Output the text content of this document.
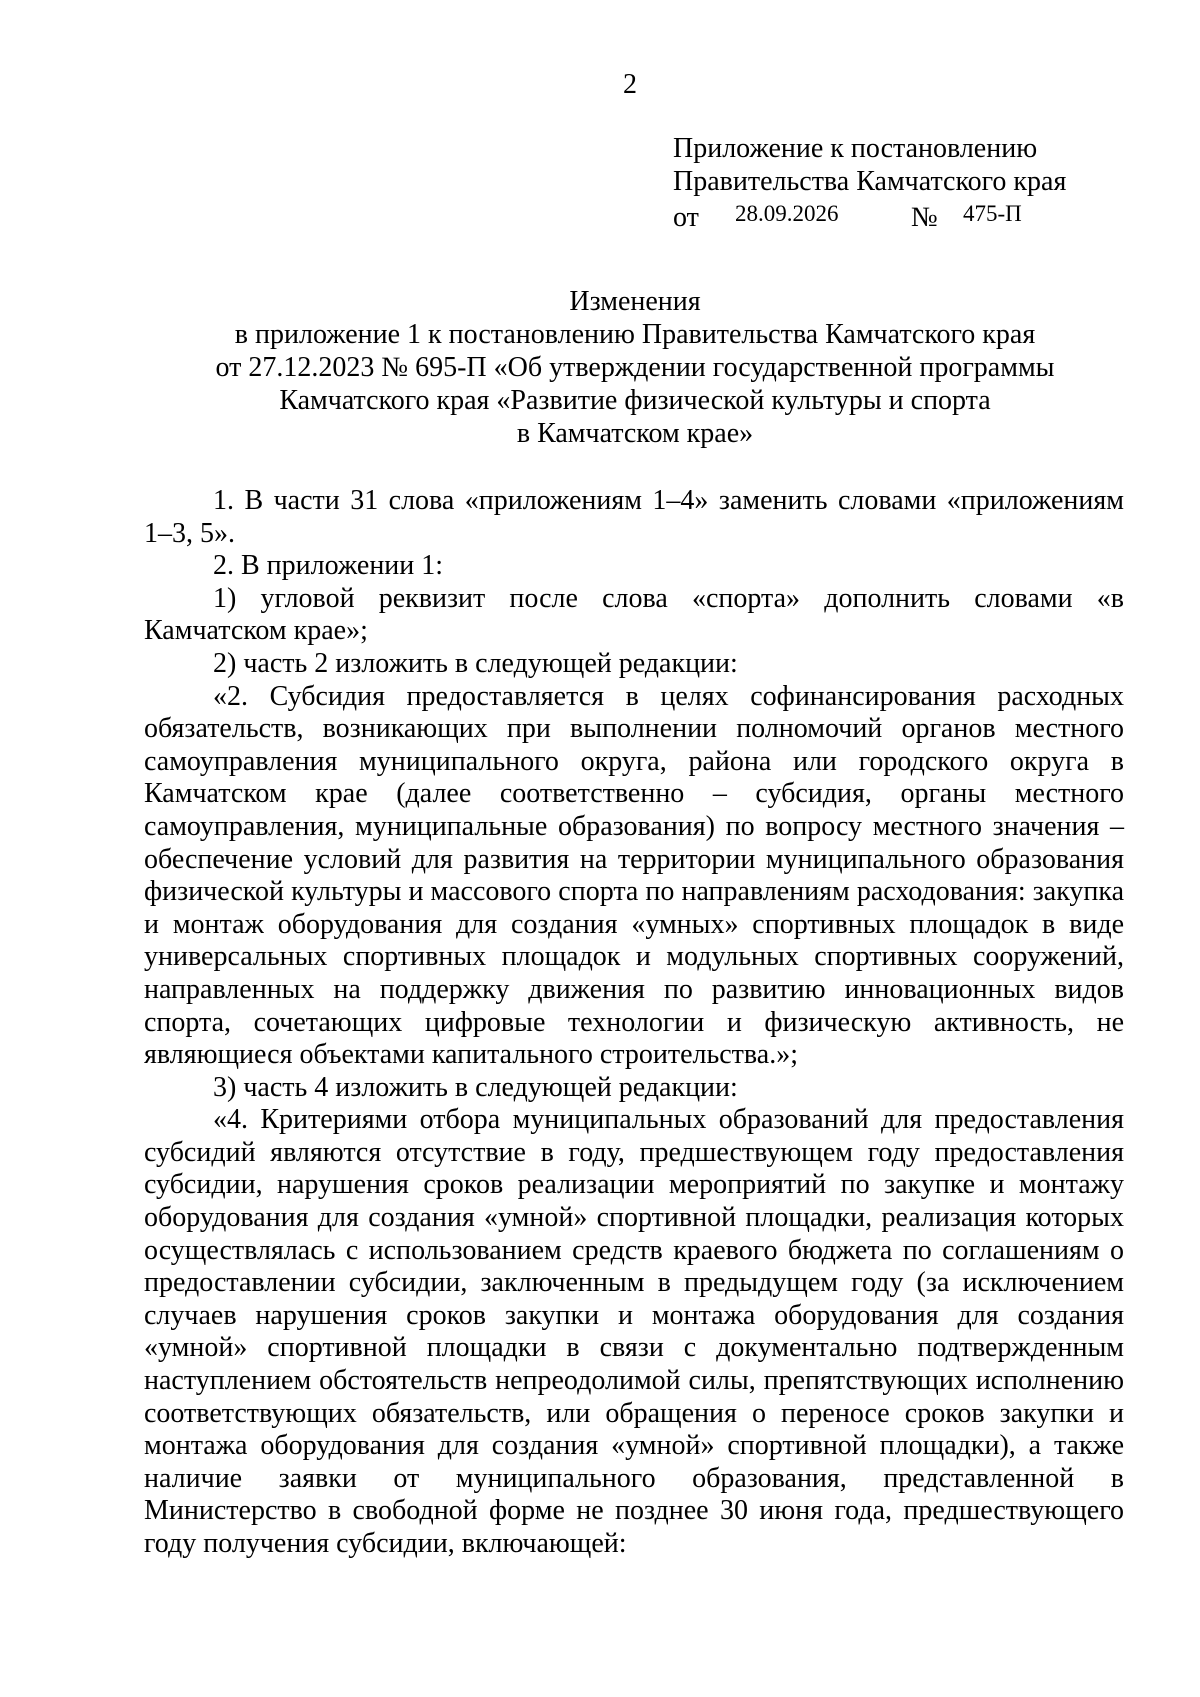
2
Приложение к постановлению
Правительства Камчатского края
от 28.09.2026	№ 475-П
Изменения
в приложение 1 к постановлению Правительства Камчатского края
от 27.12.2023 № 695-П «Об утверждении государственной программы
Камчатского края «Развитие физической культуры и спорта
в Камчатском крае»

1. В части 31 слова «приложениям 1–4» заменить словами «приложениям 1–3, 5».

2. В приложении 1:

1) угловой реквизит после слова «спорта» дополнить словами «в Камчатском крае»;

2) часть 2 изложить в следующей редакции:

«2. Субсидия предоставляется в целях софинансирования расходных обязательств, возникающих при выполнении полномочий органов местного самоуправления муниципального округа, района или городского округа в Камчатском крае (далее соответственно – субсидия, органы местного самоуправления, муниципальные образования) по вопросу местного значения – обеспечение условий для развития на территории муниципального образования физической культуры и массового спорта по направлениям расходования: закупка и монтаж оборудования для создания «умных» спортивных площадок в виде универсальных спортивных площадок и модульных спортивных сооружений, направленных на поддержку движения по развитию инновационных видов спорта, сочетающих цифровые технологии и физическую активность, не являющиеся объектами капитального строительства.»;

3) часть 4 изложить в следующей редакции:

«4. Критериями отбора муниципальных образований для предоставления субсидий являются отсутствие в году, предшествующем году предоставления субсидии, нарушения сроков реализации мероприятий по закупке и монтажу оборудования для создания «умной» спортивной площадки, реализация которых осуществлялась с использованием средств краевого бюджета по соглашениям о предоставлении субсидии, заключенным в предыдущем году (за исключением случаев нарушения сроков закупки и монтажа оборудования для создания «умной» спортивной площадки в связи с документально подтвержденным наступлением обстоятельств непреодолимой силы, препятствующих исполнению соответствующих обязательств, или обращения о переносе сроков закупки и монтажа оборудования для создания «умной» спортивной площадки), а также наличие заявки от муниципального образования, представленной в Министерство в свободной форме не позднее 30 июня года, предшествующего году получения субсидии, включающей:
